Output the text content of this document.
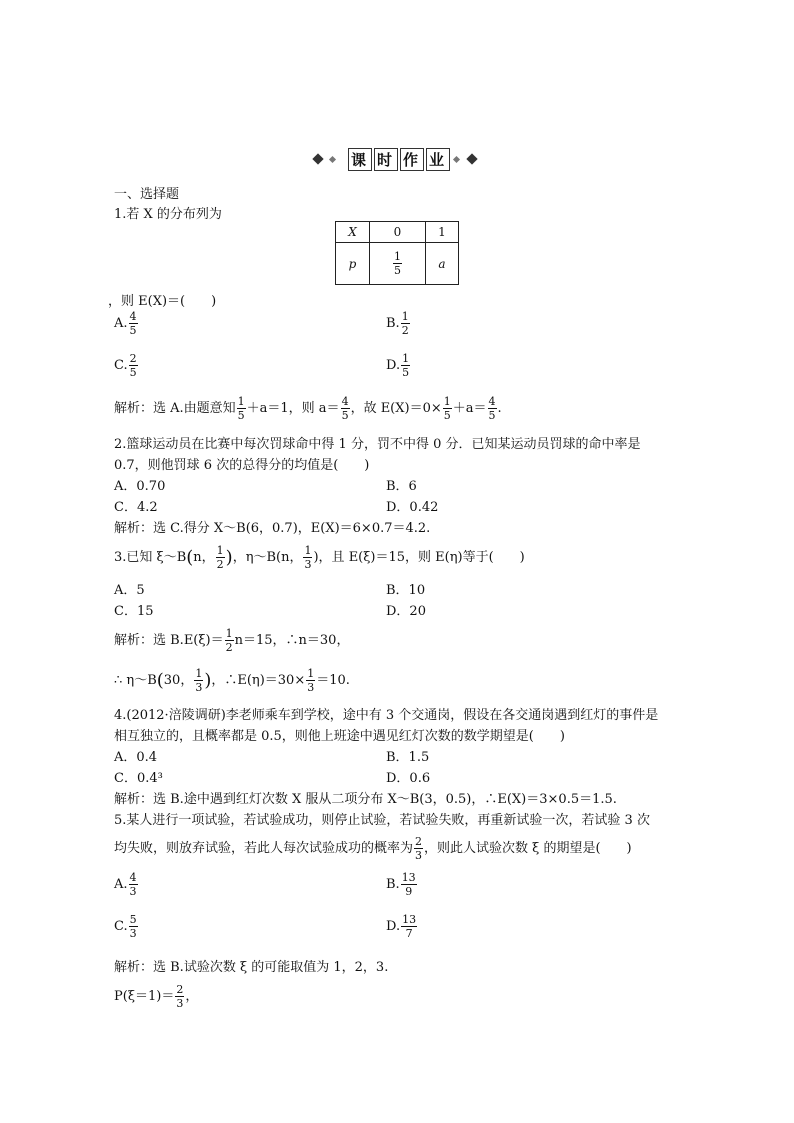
课 时 作 业
一、选择题
1.若 X 的分布列为
X	0	1
p	$\frac{1}{5}$	a
，则 E(X)＝(　　)
A. $\frac{4}{5}$	B. $\frac{1}{2}$
C. $\frac{2}{5}$	D. $\frac{1}{5}$
解析：选 A.由题意知 $\frac{1}{5} +a=1$，则 $a= \frac{4}{5}$ ，故 $E(X)=0\times \frac{1}{5} +a= \frac{4}{5}$ .
2.篮球运动员在比赛中每次罚球命中得 1 分，罚不中得 0 分．已知某运动员罚球的命中率是
0.7，则他罚球 6 次的总得分的均值是(　　)
A．0.70	B．6
C．4.2	D．0.42
解析：选 C.得分 X～B(6，0.7)，E(X)＝6×0.7＝4.2.
3.已知 ξ～B(n， $\frac{1}{2}$ )，η～B(n， $\frac{1}{3}$ )，且 E(ξ)＝15，则 E(η)等于(　　)
A．5	B．10
C．15	D．20
解析：选 $B.E(\xi)= \frac{1}{2} n=15$，∴n＝30，
∴ η～B(30， $\frac{1}{3}$ )，∴E(η)＝30× $\frac{1}{3} =10$.
4.(2012·涪陵调研)李老师乘车到学校，途中有 3 个交通岗，假设在各交通岗遇到红灯的事件是
相互独立的，且概率都是 0.5，则他上班途中遇见红灯次数的数学期望是(　　)
A．0.4	B．1.5
C．0.4³	D．0.6
解析：选 B.途中遇到红灯次数 X 服从二项分布 X～B(3，0.5)，∴E(X)＝3×0.5＝1.5.
5.某人进行一项试验，若试验成功，则停止试验，若试验失败，再重新试验一次，若试验 3 次
均失败，则放弃试验，若此人每次试验成功的概率为 $\frac{2}{3}$ ，则此人试验次数 ξ 的期望是(　　)
A. $\frac{4}{3}$	B. $\frac{13}{9}$
C. $\frac{5}{3}$	D. $\frac{13}{7}$
解析：选 B.试验次数 ξ 的可能取值为 1，2，3.
$P(\xi=1)= \frac{2}{3}$ ，
